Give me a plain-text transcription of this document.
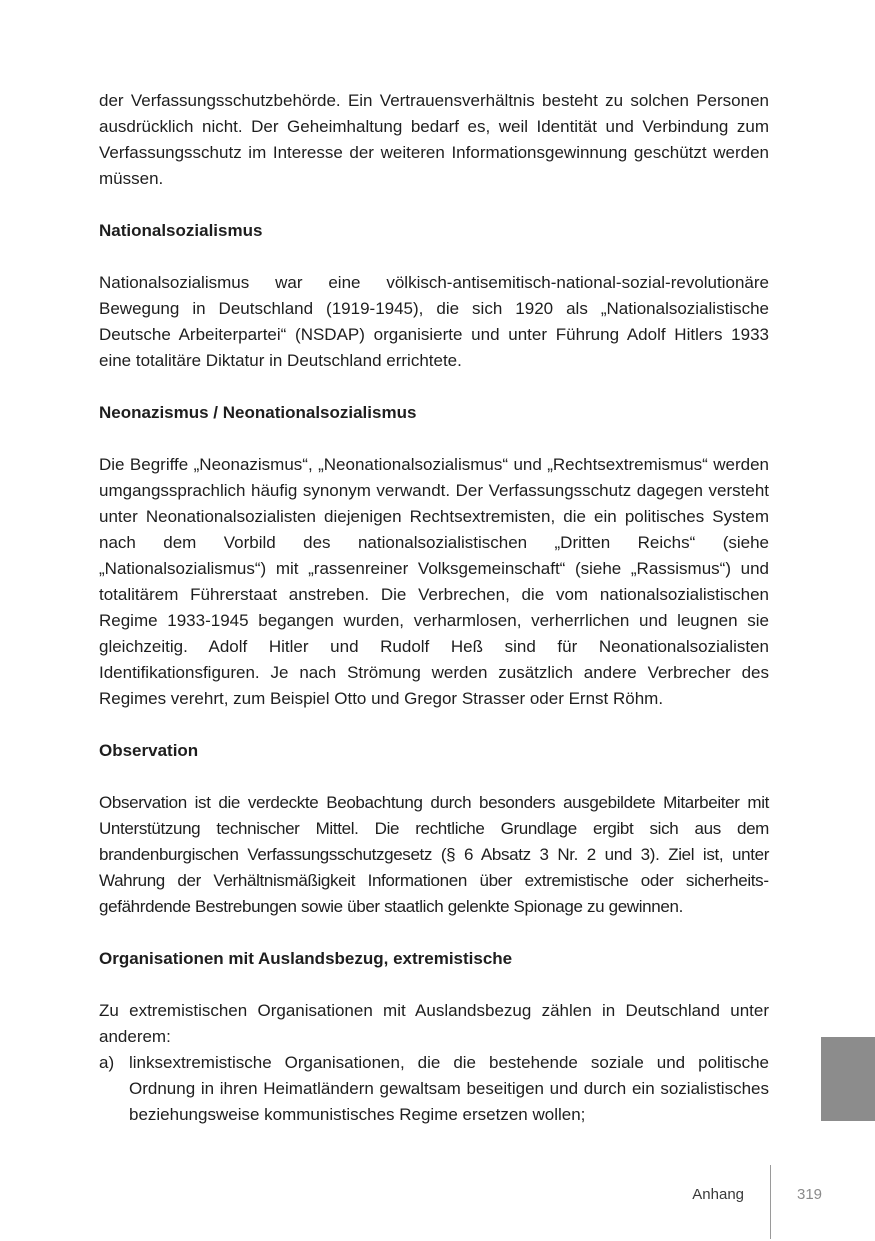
der Verfassungsschutzbehörde. Ein Vertrauensverhältnis besteht zu solchen Personen ausdrücklich nicht. Der Geheimhaltung bedarf es, weil Identität und Verbindung zum Verfassungsschutz im Interesse der weiteren Informationsgewinnung geschützt werden müssen.

Nationalsozialismus

Nationalsozialismus war eine völkisch-antisemitisch-national-sozial-revolutionäre Bewegung in Deutschland (1919-1945), die sich 1920 als „Nationalsozialistische Deutsche Arbeiterpartei“ (NSDAP) organisierte und unter Führung Adolf Hitlers 1933 eine totalitäre Diktatur in Deutschland errichtete.

Neonazismus / Neonationalsozialismus

Die Begriffe „Neonazismus“, „Neonationalsozialismus“ und „Rechtsextremismus“ werden umgangssprachlich häufig synonym verwandt. Der Verfassungsschutz dagegen versteht unter Neonationalsozialisten diejenigen Rechtsextremisten, die ein politisches System nach dem Vorbild des nationalsozialistischen „Dritten Reichs“ (siehe „Nationalsozialismus“) mit „rassenreiner Volksgemeinschaft“ (siehe „Rassismus“) und totalitärem Führerstaat anstreben. Die Verbrechen, die vom nationalsozialistischen Regime 1933-1945 begangen wurden, verharmlosen, verherrlichen und leugnen sie gleichzeitig. Adolf Hitler und Rudolf Heß sind für Neonationalsozialisten Identifikationsfiguren. Je nach Strömung werden zusätzlich andere Verbrecher des Regimes verehrt, zum Beispiel Otto und Gregor Strasser oder Ernst Röhm.

Observation

Observation ist die verdeckte Beobachtung durch besonders ausgebildete Mitarbeiter mit Unterstützung technischer Mittel. Die rechtliche Grundlage ergibt sich aus dem brandenburgischen Verfassungsschutzgesetz (§ 6 Absatz 3 Nr. 2 und 3). Ziel ist, unter Wahrung der Verhältnismäßigkeit Informationen über extremistische oder sicherheitsgefährdende Bestrebungen sowie über staatlich gelenkte Spionage zu gewinnen.

Organisationen mit Auslandsbezug, extremistische

Zu extremistischen Organisationen mit Auslandsbezug zählen in Deutschland unter anderem:

a) linksextremistische Organisationen, die die bestehende soziale und politische Ordnung in ihren Heimatländern gewaltsam beseitigen und durch ein sozialistisches beziehungsweise kommunistisches Regime ersetzen wollen;
Anhang	319
